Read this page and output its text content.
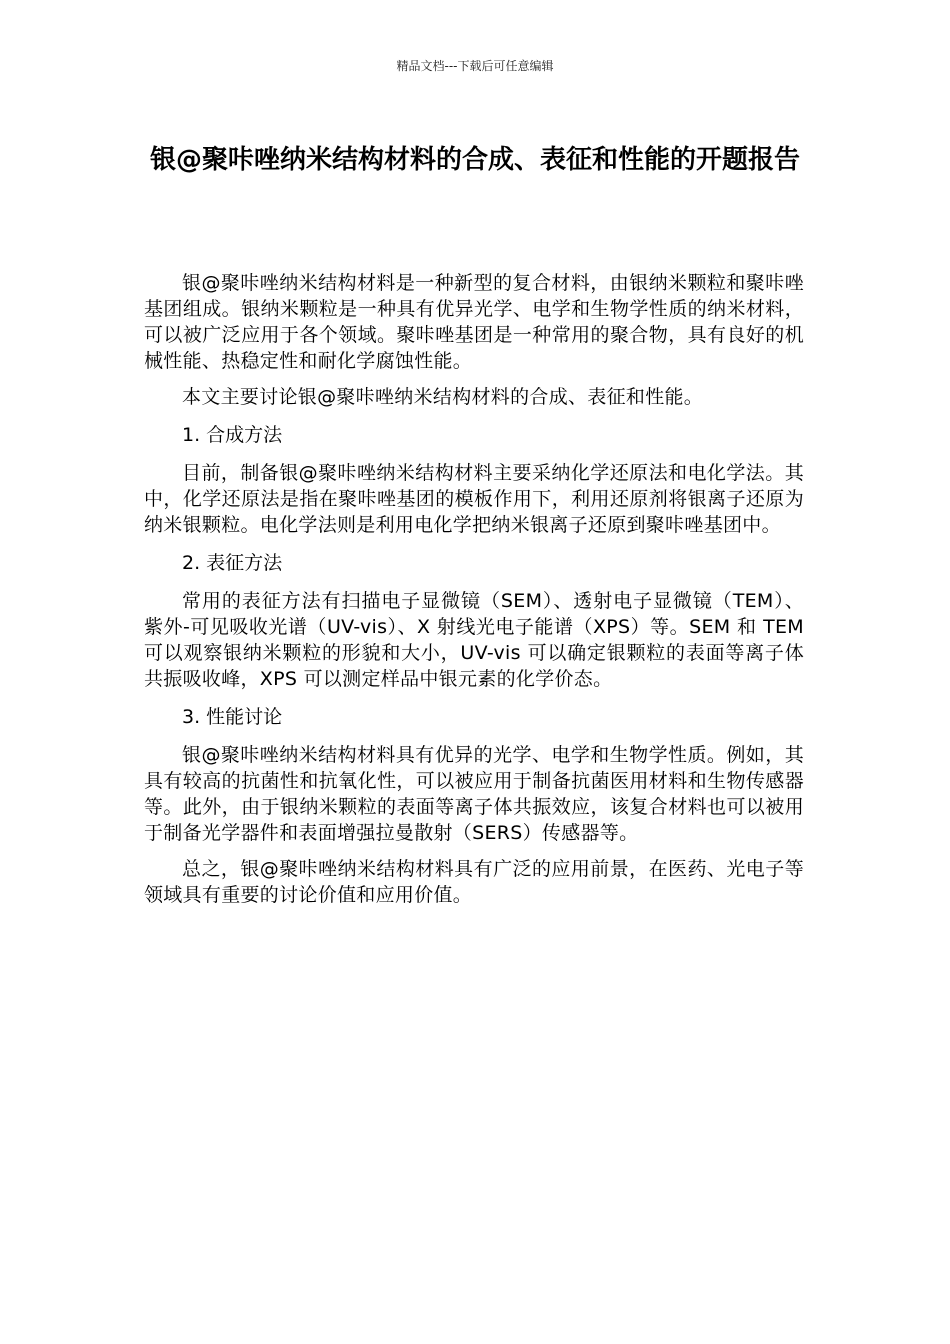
精品文档---下载后可任意编辑
银@聚咔唑纳米结构材料的合成、表征和性能的开题报告

银@聚咔唑纳米结构材料是一种新型的复合材料，由银纳米颗粒和聚咔唑基团组成。银纳米颗粒是一种具有优异光学、电学和生物学性质的纳米材料，可以被广泛应用于各个领域。聚咔唑基团是一种常用的聚合物，具有良好的机械性能、热稳定性和耐化学腐蚀性能。

本文主要讨论银@聚咔唑纳米结构材料的合成、表征和性能。

1. 合成方法

目前，制备银@聚咔唑纳米结构材料主要采纳化学还原法和电化学法。其中，化学还原法是指在聚咔唑基团的模板作用下，利用还原剂将银离子还原为纳米银颗粒。电化学法则是利用电化学把纳米银离子还原到聚咔唑基团中。

2. 表征方法

常用的表征方法有扫描电子显微镜（SEM）、透射电子显微镜（TEM）、紫外-可见吸收光谱（UV-vis）、X 射线光电子能谱（XPS）等。SEM 和 TEM 可以观察银纳米颗粒的形貌和大小，UV-vis 可以确定银颗粒的表面等离子体共振吸收峰，XPS 可以测定样品中银元素的化学价态。

3. 性能讨论

银@聚咔唑纳米结构材料具有优异的光学、电学和生物学性质。例如，其具有较高的抗菌性和抗氧化性，可以被应用于制备抗菌医用材料和生物传感器等。此外，由于银纳米颗粒的表面等离子体共振效应，该复合材料也可以被用于制备光学器件和表面增强拉曼散射（SERS）传感器等。

总之，银@聚咔唑纳米结构材料具有广泛的应用前景，在医药、光电子等领域具有重要的讨论价值和应用价值。
